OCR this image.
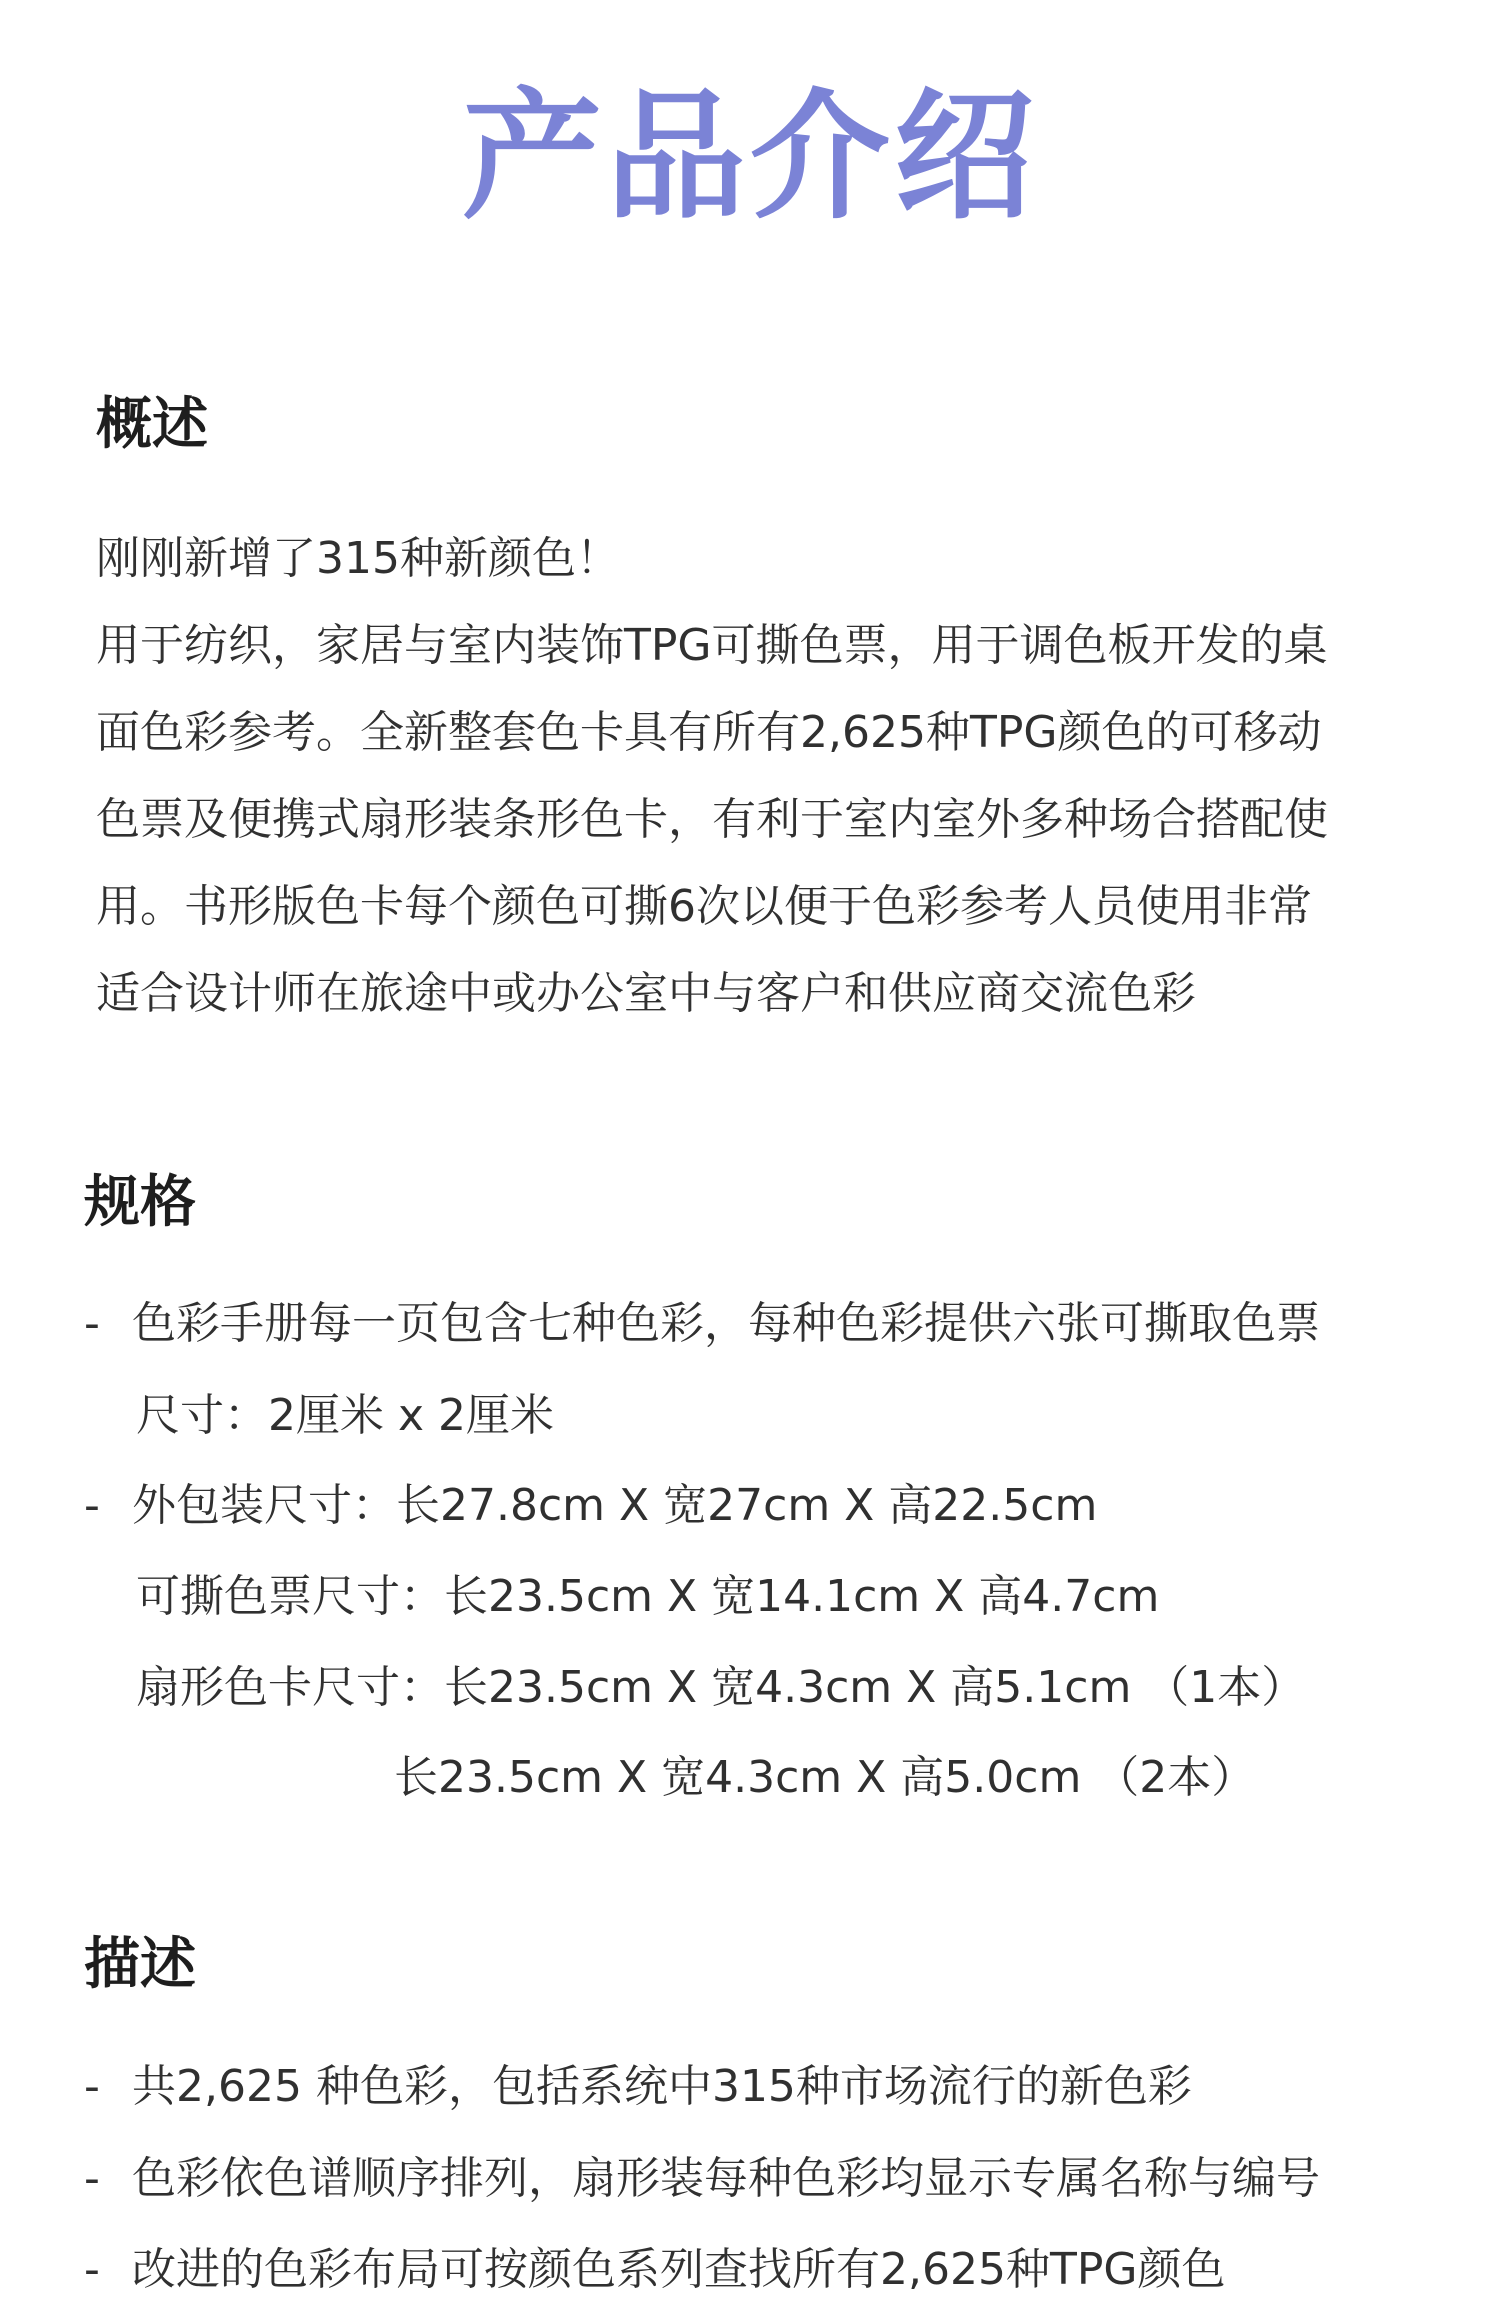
产品介绍
概述
刚刚新增了315种新颜色！
用于纺织，家居与室内装饰TPG可撕色票，用于调色板开发的桌
面色彩参考。全新整套色卡具有所有2,625种TPG颜色的可移动
色票及便携式扇形装条形色卡，有利于室内室外多种场合搭配使
用。书形版色卡每个颜色可撕6次以便于色彩参考人员使用非常
适合设计师在旅途中或办公室中与客户和供应商交流色彩
规格
- 色彩手册每一页包含七种色彩，每种色彩提供六张可撕取色票
尺寸：2厘米 x 2厘米
- 外包装尺寸：长27.8cm X 宽27cm X 高22.5cm
可撕色票尺寸：长23.5cm X 宽14.1cm X 高4.7cm
扇形色卡尺寸：长23.5cm X 宽4.3cm X 高5.1cm （1本）
长23.5cm X 宽4.3cm X 高5.0cm （2本）
描述
- 共2,625 种色彩，包括系统中315种市场流行的新色彩
- 色彩依色谱顺序排列，扇形装每种色彩均显示专属名称与编号
- 改进的色彩布局可按颜色系列查找所有2,625种TPG颜色
